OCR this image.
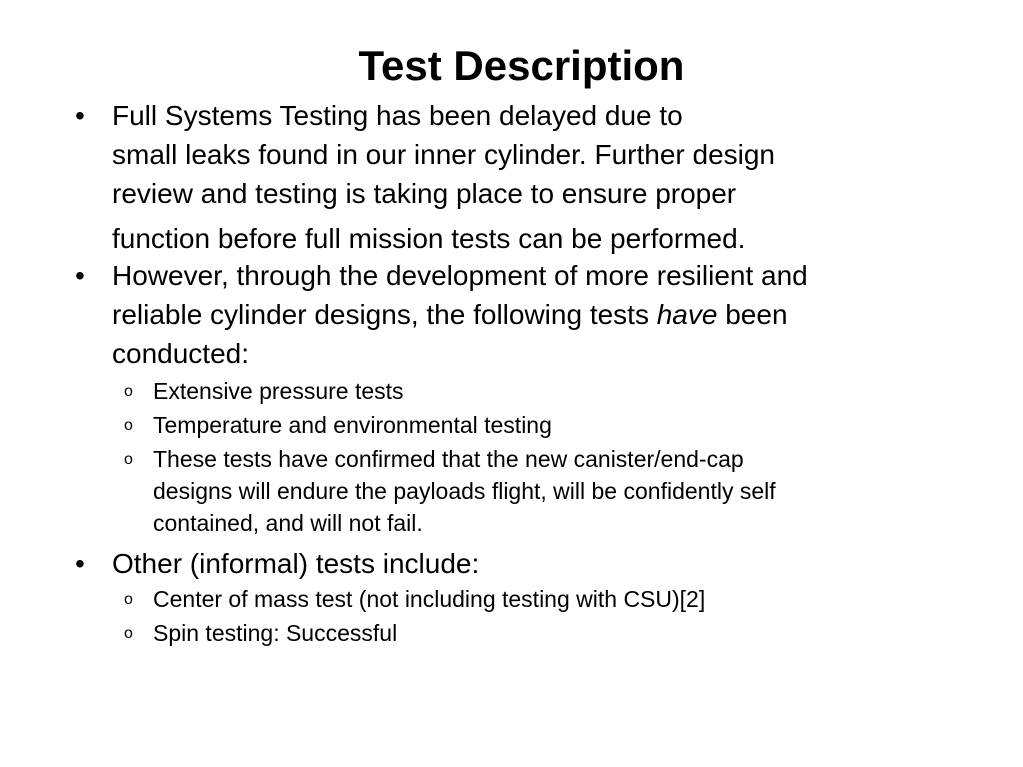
Test Description
• Full Systems Testing has been delayed due to
small leaks found in our inner cylinder. Further design
review and testing is taking place to ensure proper
function before full mission tests can be performed.
• However, through the development of more resilient and
reliable cylinder designs, the following tests have been
conducted:
o Extensive pressure tests
o Temperature and environmental testing
o These tests have confirmed that the new canister/end-cap
designs will endure the payloads flight, will be confidently self
contained, and will not fail.
• Other (informal) tests include:
o Center of mass test (not including testing with CSU)[2]
o Spin testing: Successful
